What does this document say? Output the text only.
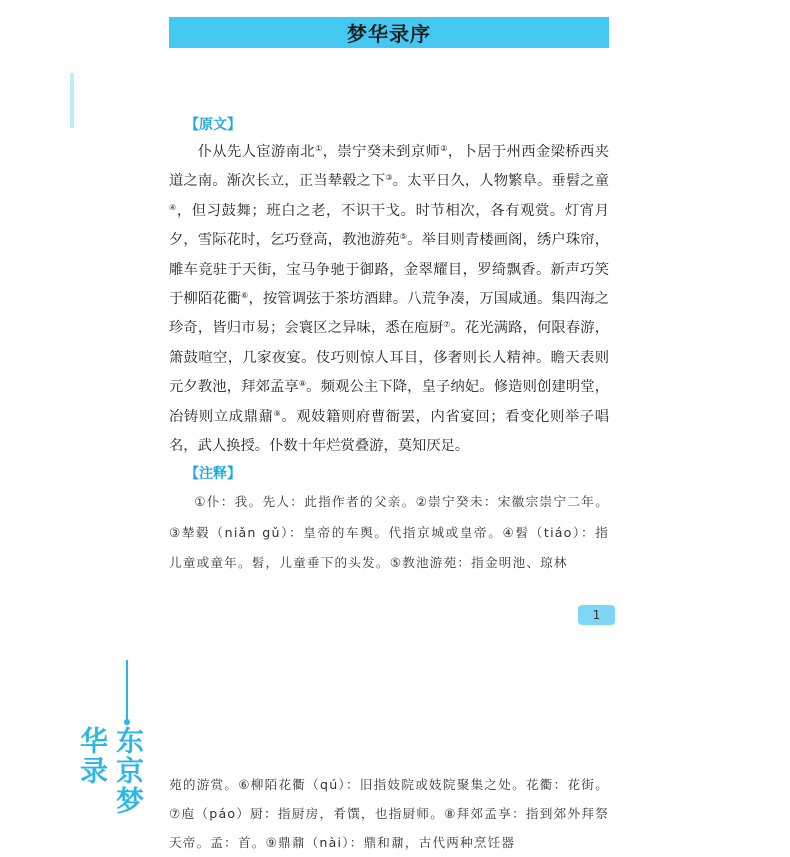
梦华录序
【原文】

仆从先人宦游南北①，崇宁癸未到京师②，卜居于州西金梁桥西夹道之南。渐次长立，正当辇毂之下③。太平日久，人物繁阜。垂髫之童④，但习鼓舞；班白之老，不识干戈。时节相次，各有观赏。灯宵月夕，雪际花时，乞巧登高，教池游苑⑤。举目则青楼画阁，绣户珠帘，雕车竞驻于天街，宝马争驰于御路，金翠耀目，罗绮飘香。新声巧笑于柳陌花衢⑥，按管调弦于茶坊酒肆。八荒争凑，万国咸通。集四海之珍奇，皆归市易；会寰区之异味，悉在庖厨⑦。花光满路，何限春游，箫鼓喧空，几家夜宴。伎巧则惊人耳目，侈奢则长人精神。瞻天表则元夕教池，拜郊孟享⑧。频观公主下降，皇子纳妃。修造则创建明堂，冶铸则立成鼎鼐⑨。观妓籍则府曹衙罢，内省宴回；看变化则举子唱名，武人换授。仆数十年烂赏叠游，莫知厌足。

【注释】

①仆：我。先人：此指作者的父亲。②崇宁癸未：宋徽宗崇宁二年。③辇毂（niǎn gǔ）：皇帝的车舆。代指京城或皇帝。④髫（tiáo）：指儿童或童年。髫，儿童垂下的头发。⑤教池游苑：指金明池、琼林

1
东京梦华录	苑的游赏。⑥柳陌花衢（qú）：旧指妓院或妓院聚集之处。花衢：花街。⑦庖（páo）厨：指厨房，肴馔，也指厨师。⑧拜郊孟享：指到郊外拜祭天帝。孟：首。⑨鼎鼐（nài）：鼎和鼐，古代两种烹饪器
